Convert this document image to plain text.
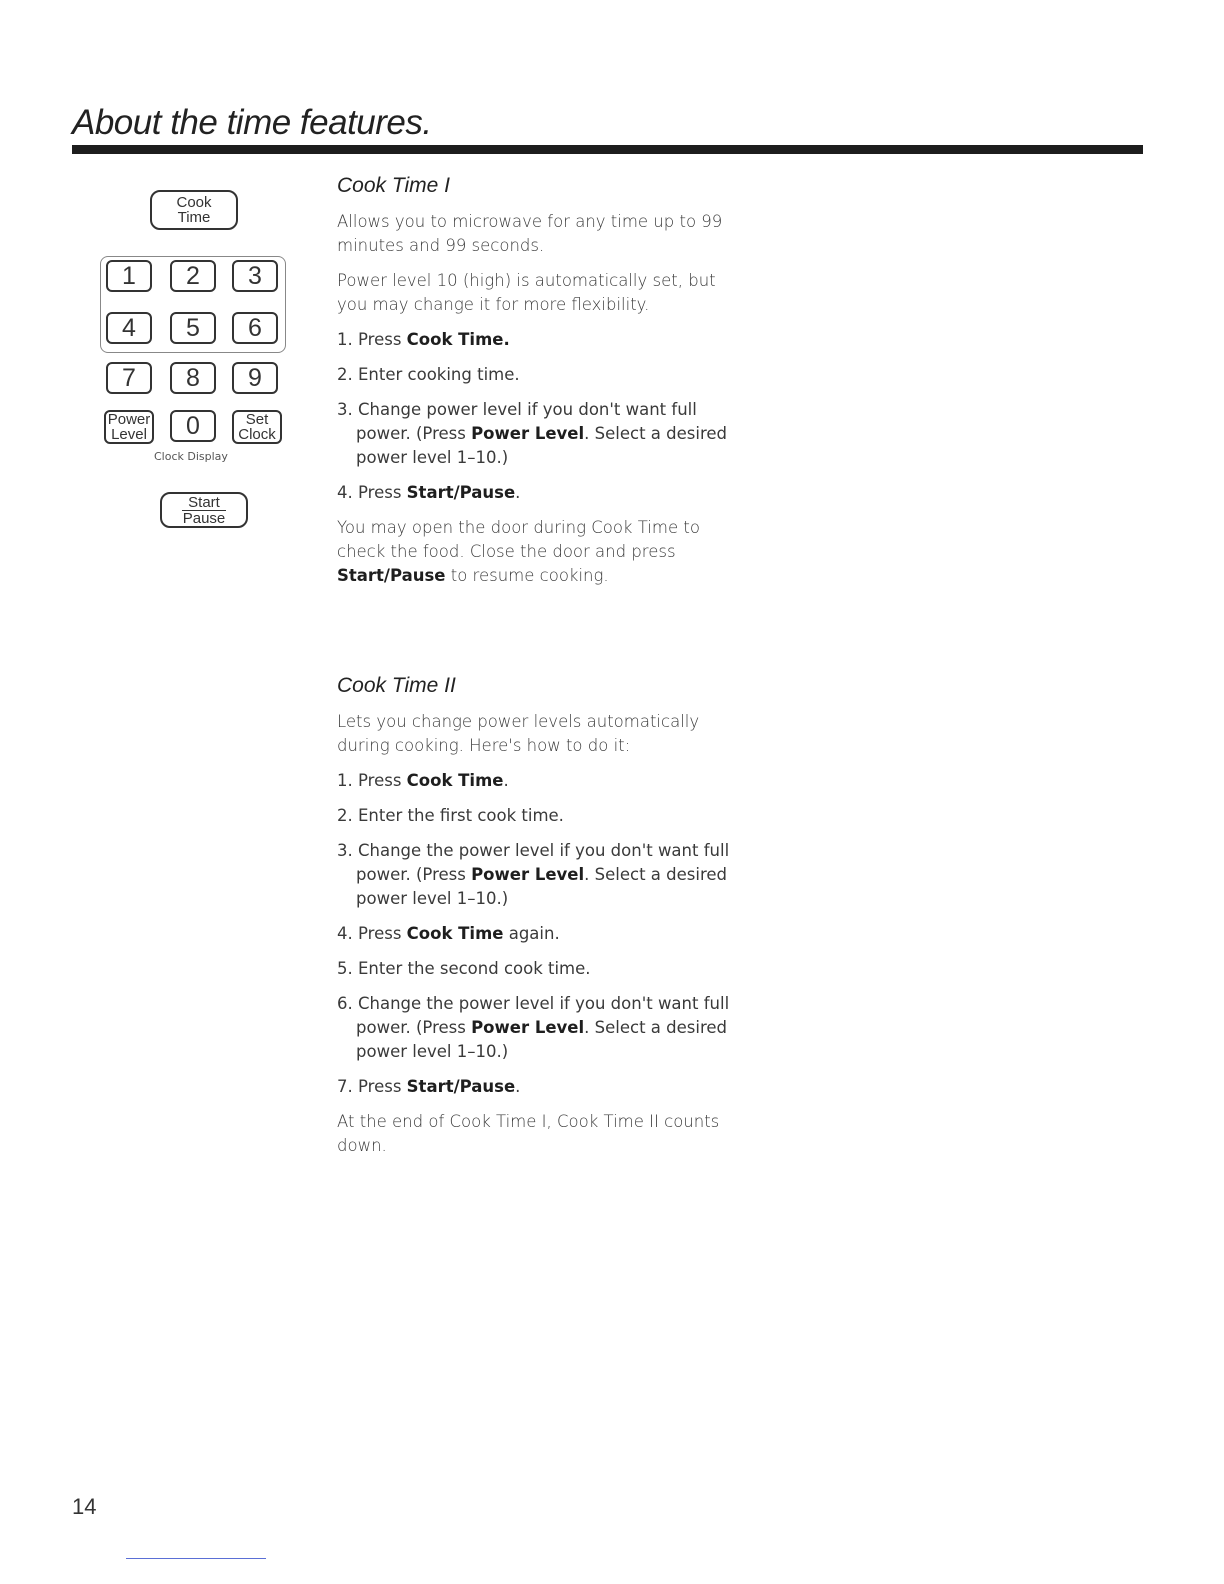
About the time features.
Cook
Time
1	2	3
4	5	6
7	8	9
Power
Level	0	Set
Clock
Clock Display
Start
Pause
Cook Time I

Allows you to microwave for any time up to 99 minutes and 99 seconds.

Power level 10 (high) is automatically set, but you may change it for more flexibility.

1. Press Cook Time.

2. Enter cooking time.

3. Change power level if you don't want full power. (Press Power Level. Select a desired power level 1–10.)

4. Press Start/Pause.

You may open the door during Cook Time to check the food. Close the door and press Start/Pause to resume cooking.

Cook Time II

Lets you change power levels automatically during cooking. Here's how to do it:

1. Press Cook Time.

2. Enter the first cook time.

3. Change the power level if you don't want full power. (Press Power Level. Select a desired power level 1–10.)

4. Press Cook Time again.

5. Enter the second cook time.

6. Change the power level if you don't want full power. (Press Power Level. Select a desired power level 1–10.)

7. Press Start/Pause.

At the end of Cook Time I, Cook Time II counts down.

14
